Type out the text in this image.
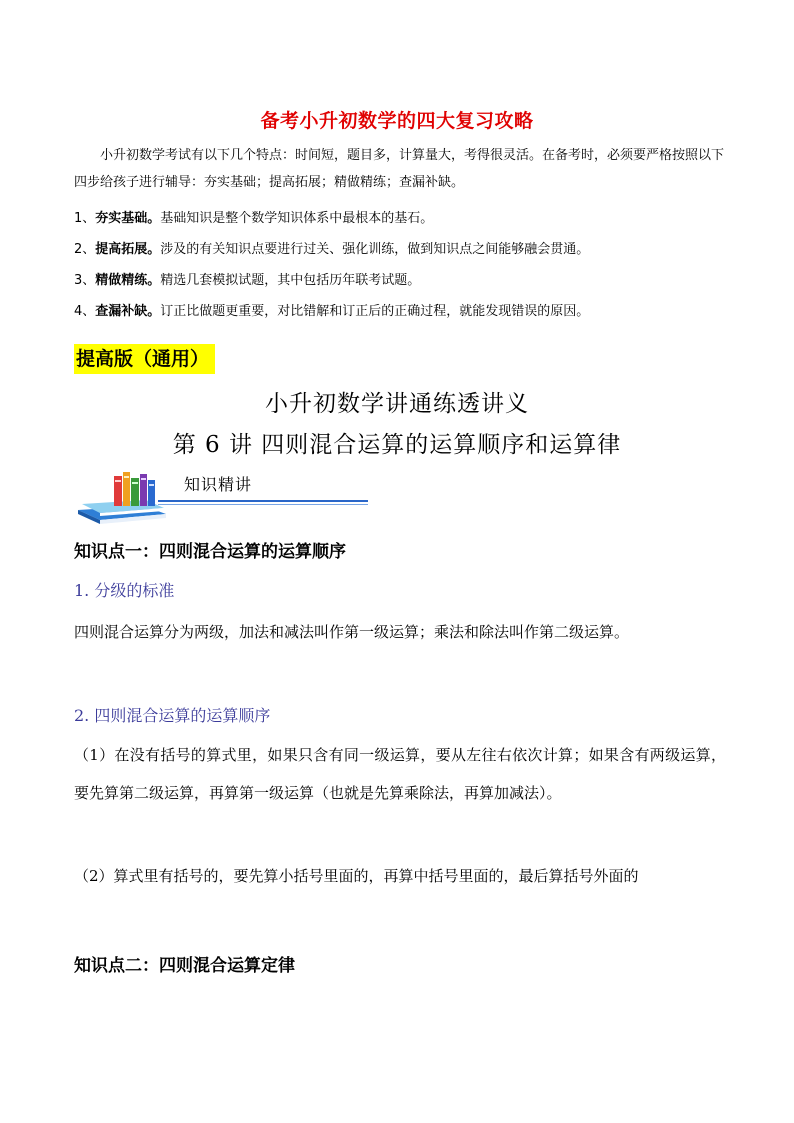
备考小升初数学的四大复习攻略
小升初数学考试有以下几个特点：时间短，题目多，计算量大，考得很灵活。在备考时，必须要严格按照以下四步给孩子进行辅导：夯实基础；提高拓展；精做精练；查漏补缺。
1、夯实基础。基础知识是整个数学知识体系中最根本的基石。
2、提高拓展。涉及的有关知识点要进行过关、强化训练，做到知识点之间能够融会贯通。
3、精做精练。精选几套模拟试题，其中包括历年联考试题。
4、查漏补缺。订正比做题更重要，对比错解和订正后的正确过程，就能发现错误的原因。
提高版（通用）
小升初数学讲通练透讲义
第 6 讲 四则混合运算的运算顺序和运算律
知识精讲
知识点一：四则混合运算的运算顺序
1. 分级的标准
四则混合运算分为两级，加法和减法叫作第一级运算；乘法和除法叫作第二级运算。
2. 四则混合运算的运算顺序
（1）在没有括号的算式里，如果只含有同一级运算，要从左往右依次计算；如果含有两级运算，要先算第二级运算，再算第一级运算（也就是先算乘除法，再算加减法）。
（2）算式里有括号的，要先算小括号里面的，再算中括号里面的，最后算括号外面的
知识点二：四则混合运算定律
